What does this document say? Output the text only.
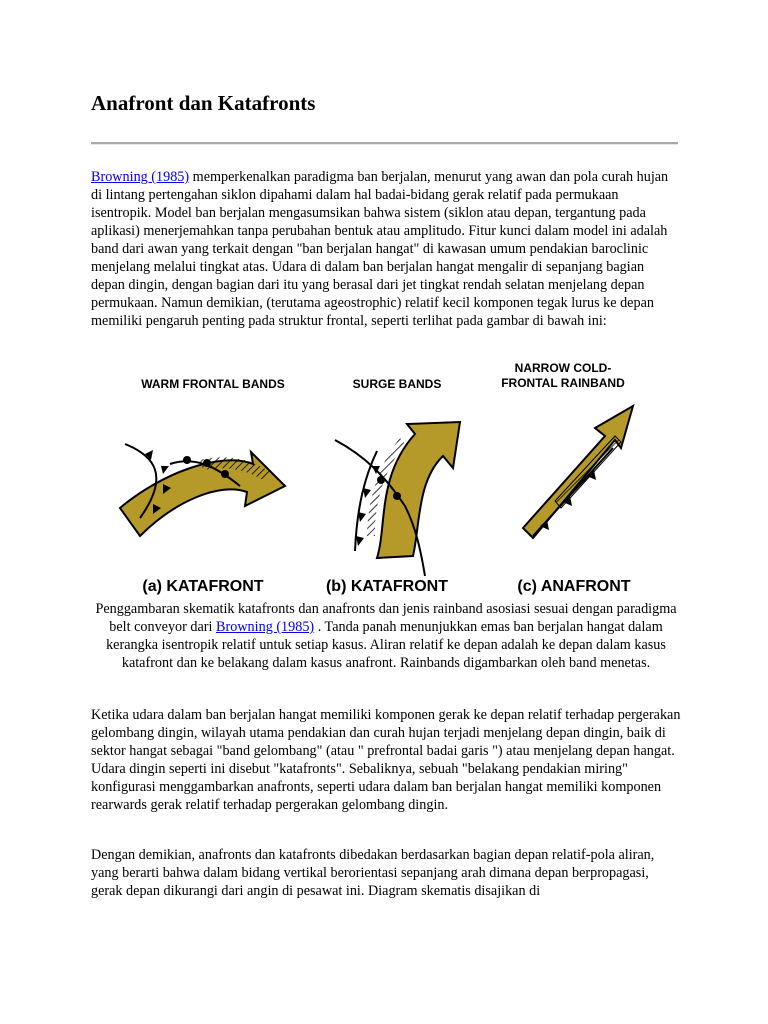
Anafront dan Katafronts

Browning (1985) memperkenalkan paradigma ban berjalan, menurut yang awan dan pola curah hujan di lintang pertengahan siklon dipahami dalam hal badai-bidang gerak relatif pada permukaan isentropik. Model ban berjalan mengasumsikan bahwa sistem (siklon atau depan, tergantung pada aplikasi) menerjemahkan tanpa perubahan bentuk atau amplitudo. Fitur kunci dalam model ini adalah band dari awan yang terkait dengan "ban berjalan hangat" di kawasan umum pendakian baroclinic menjelang melalui tingkat atas. Udara di dalam ban berjalan hangat mengalir di sepanjang bagian depan dingin, dengan bagian dari itu yang berasal dari jet tingkat rendah selatan menjelang depan permukaan. Namun demikian, (terutama ageostrophic) relatif kecil komponen tegak lurus ke depan memiliki pengaruh penting pada struktur frontal, seperti terlihat pada gambar di bawah ini:

WARM FRONTAL BANDS	SURGE BANDS
NARROW COLD-
FRONTAL RAINBAND
(a) KATAFRONT	(b) KATAFRONT	(c) ANAFRONT

Penggambaran skematik katafronts dan anafronts dan jenis rainband asosiasi sesuai dengan paradigma belt conveyor dari Browning (1985) . Tanda panah menunjukkan emas ban berjalan hangat dalam kerangka isentropik relatif untuk setiap kasus. Aliran relatif ke depan adalah ke depan dalam kasus katafront dan ke belakang dalam kasus anafront. Rainbands digambarkan oleh band menetas.

Ketika udara dalam ban berjalan hangat memiliki komponen gerak ke depan relatif terhadap pergerakan gelombang dingin, wilayah utama pendakian dan curah hujan terjadi menjelang depan dingin, baik di sektor hangat sebagai "band gelombang" (atau " prefrontal badai garis ") atau menjelang depan hangat. Udara dingin seperti ini disebut "katafronts". Sebaliknya, sebuah "belakang pendakian miring" konfigurasi menggambarkan anafronts, seperti udara dalam ban berjalan hangat memiliki komponen rearwards gerak relatif terhadap pergerakan gelombang dingin.

Dengan demikian, anafronts dan katafronts dibedakan berdasarkan bagian depan relatif-pola aliran, yang berarti bahwa dalam bidang vertikal berorientasi sepanjang arah dimana depan berpropagasi, gerak depan dikurangi dari angin di pesawat ini. Diagram skematis disajikan di
